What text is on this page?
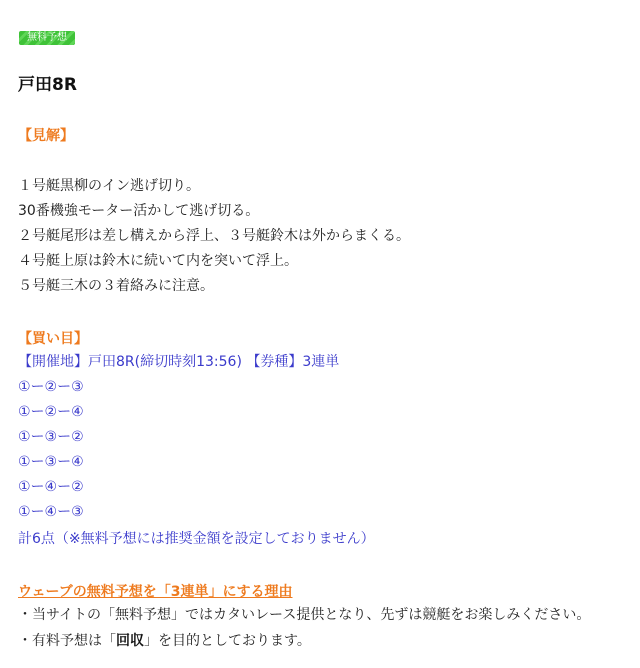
無料予想
戸田8R
【見解】
１号艇黒柳のイン逃げ切り。
30番機強モーター活かして逃げ切る。
２号艇尾形は差し構えから浮上、３号艇鈴木は外からまくる。
４号艇上原は鈴木に続いて内を突いて浮上。
５号艇三木の３着絡みに注意。
【買い目】
【開催地】戸田8R(締切時刻13:56) 【券種】3連単
①ー②ー③
①ー②ー④
①ー③ー②
①ー③ー④
①ー④ー②
①ー④ー③
計6点（※無料予想には推奨金額を設定しておりません）
ウェーブの無料予想を「3連単」にする理由
・当サイトの「無料予想」ではカタいレース提供となり、先ずは競艇をお楽しみください。
・有料予想は「回収」を目的としております。
